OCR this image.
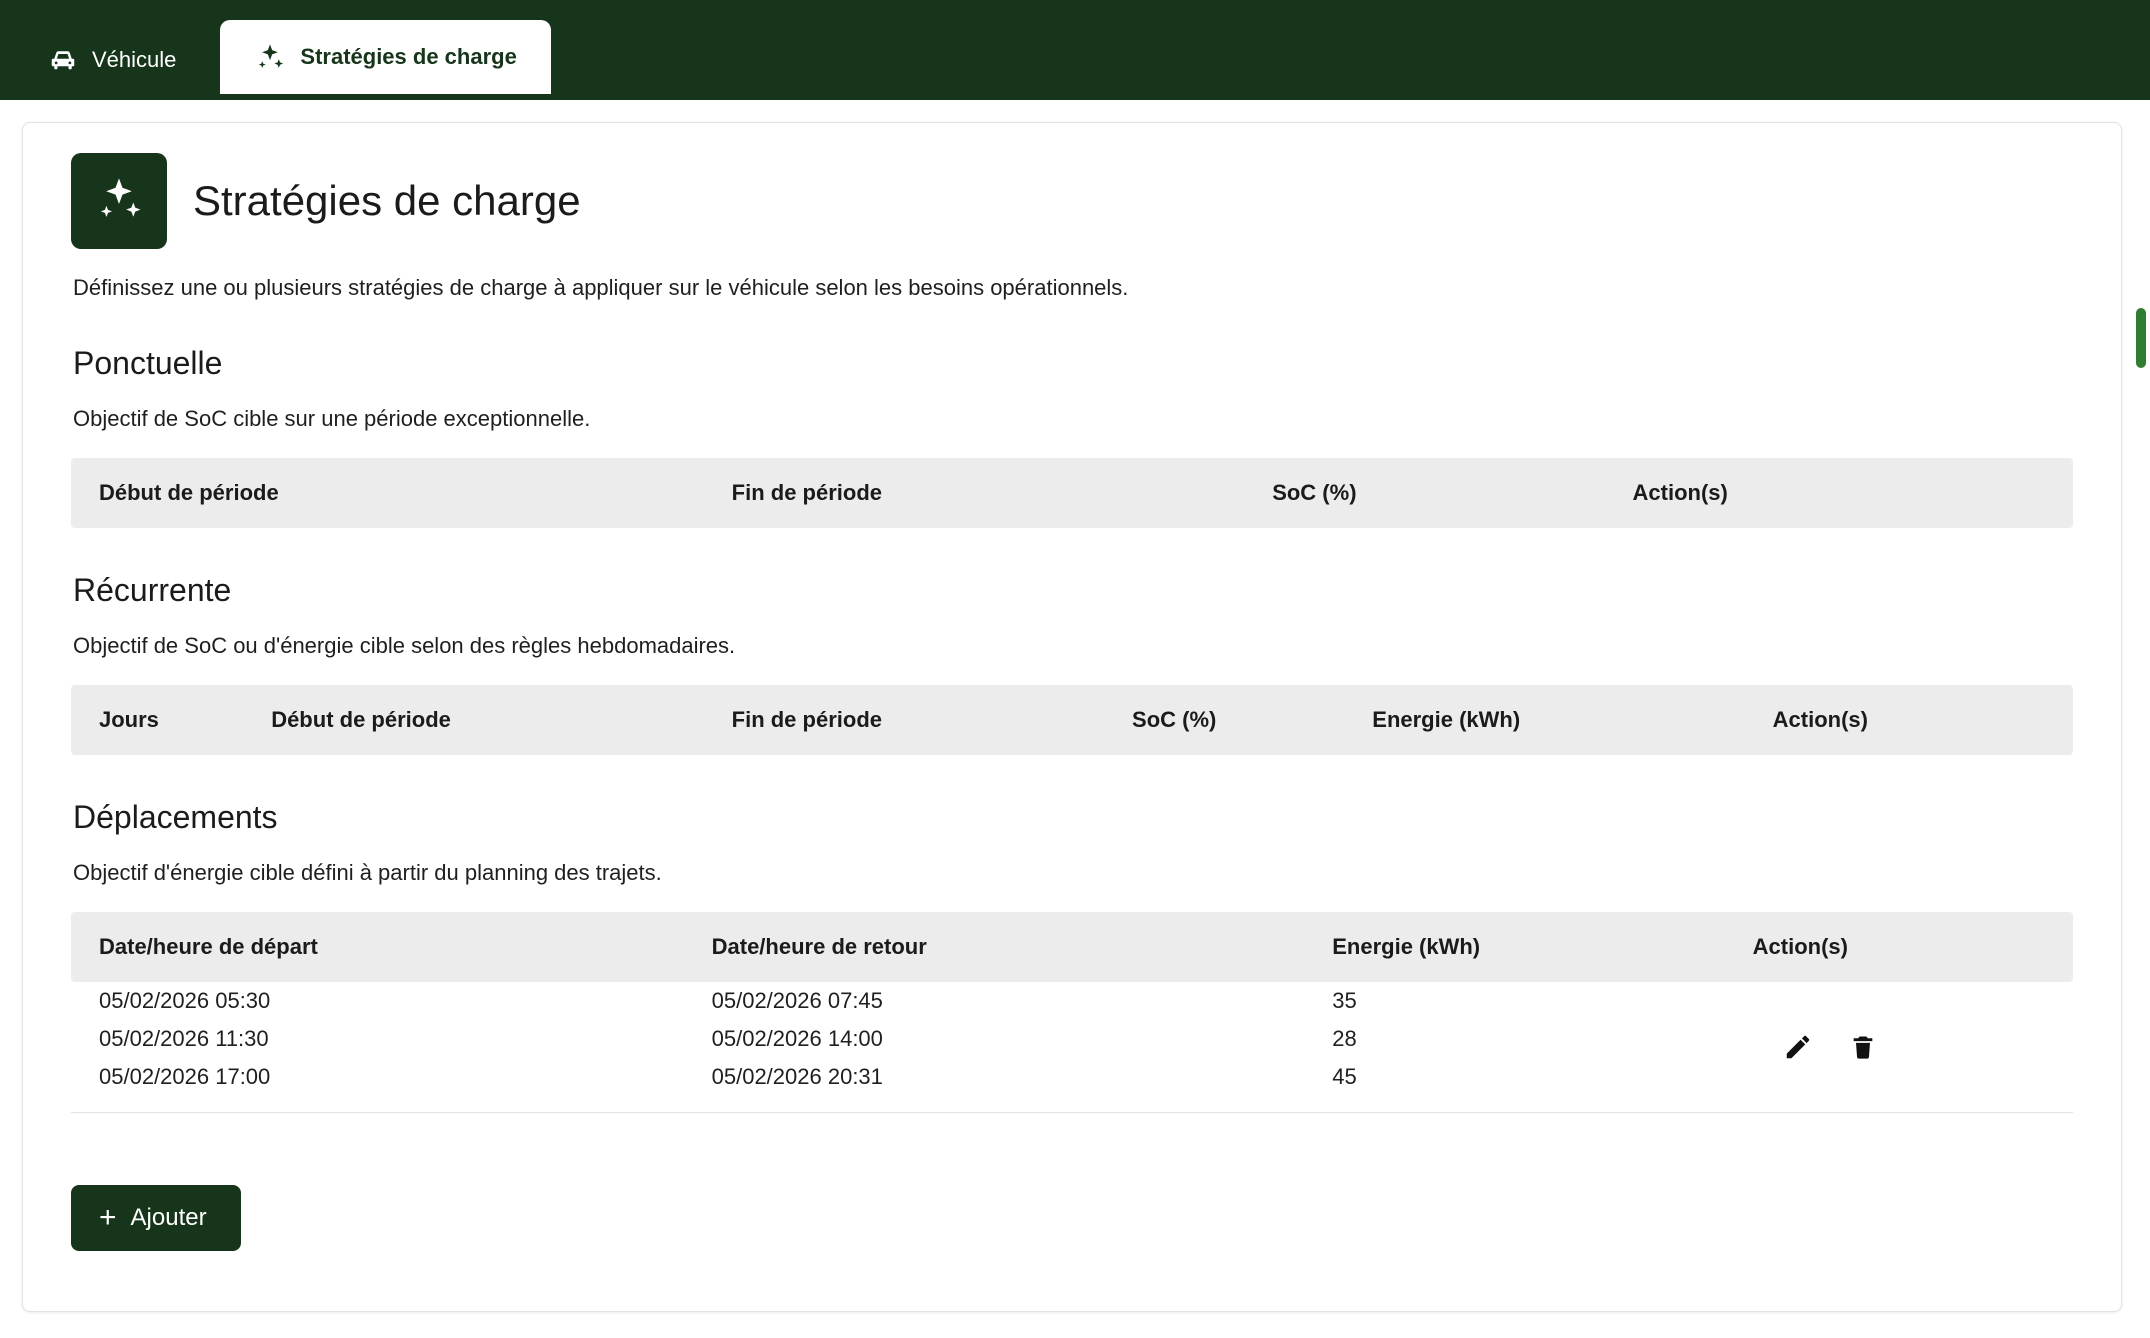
Véhicule	Stratégies de charge
Stratégies de charge

Définissez une ou plusieurs stratégies de charge à appliquer sur le véhicule selon les besoins opérationnels.

Ponctuelle

Objectif de SoC cible sur une période exceptionnelle.

Début de période	Fin de période	SoC (%)	Action(s)
Récurrente

Objectif de SoC ou d'énergie cible selon des règles hebdomadaires.

Jours	Début de période	Fin de période	SoC (%)	Energie (kWh)	Action(s)
Déplacements

Objectif d'énergie cible défini à partir du planning des trajets.

Date/heure de départ	Date/heure de retour	Energie (kWh)	Action(s)
05/02/2026 05:30	05/02/2026 07:45	35	

05/02/2026 11:30	05/02/2026 14:00	28	
05/02/2026 17:00	05/02/2026 20:31	45	
+ Ajouter
